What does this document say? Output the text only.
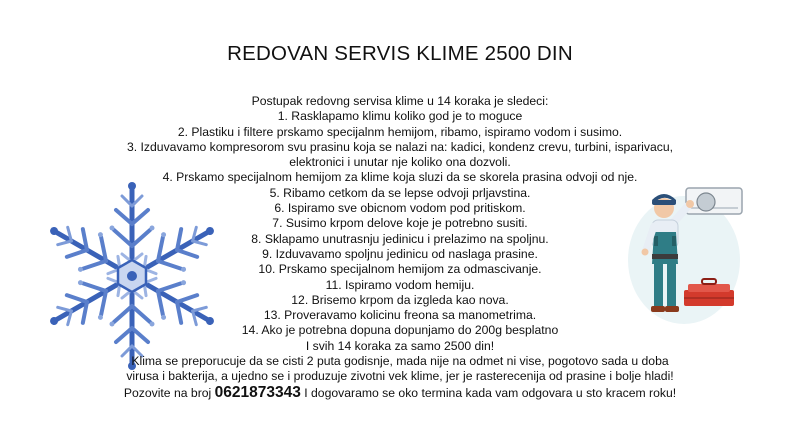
REDOVAN SERVIS KLIME 2500 DIN
Postupak redovng servisa klime u 14 koraka je sledeci:
1. Rasklapamo klimu koliko god je to moguce
2. Plastiku i filtere prskamo specijalnm hemijom, ribamo, ispiramo vodom i susimo.
3. Izduvavamo kompresorom svu prasinu koja se nalazi na: kadici, kondenz crevu, turbini, isparivacu, elektronici i unutar nje koliko ona dozvoli.
4. Prskamo specijalnom hemijom za klime koja sluzi da se skorela prasina odvoji od nje.
5. Ribamo cetkom da se lepse odvoji prljavstina.
6. Ispiramo sve obicnom vodom pod pritiskom.
7. Susimo krpom delove koje je potrebno susiti.
8. Sklapamo unutrasnju jedinicu i prelazimo na spoljnu.
9. Izduvavamo spoljnu jedinicu od naslaga prasine.
10. Prskamo specijalnom hemijom za odmascivanje.
11. Ispiramo vodom hemiju.
12. Brisemo krpom da izgleda kao nova.
13. Proveravamo kolicinu freona sa manometrima.
14. Ako je potrebna dopuna dopunjamo do 200g besplatno
I svih 14 koraka za samo 2500 din!
Klima se preporucuje da se cisti 2 puta godisnje, mada nije na odmet ni vise, pogotovo sada u doba virusa i bakterija, a ujedno se i produzuje zivotni vek klime, jer je rasterecenija od prasine i bolje hladi!
Pozovite na broj 0621873343 I dogovaramo se oko termina kada vam odgovara u sto kracem roku!
